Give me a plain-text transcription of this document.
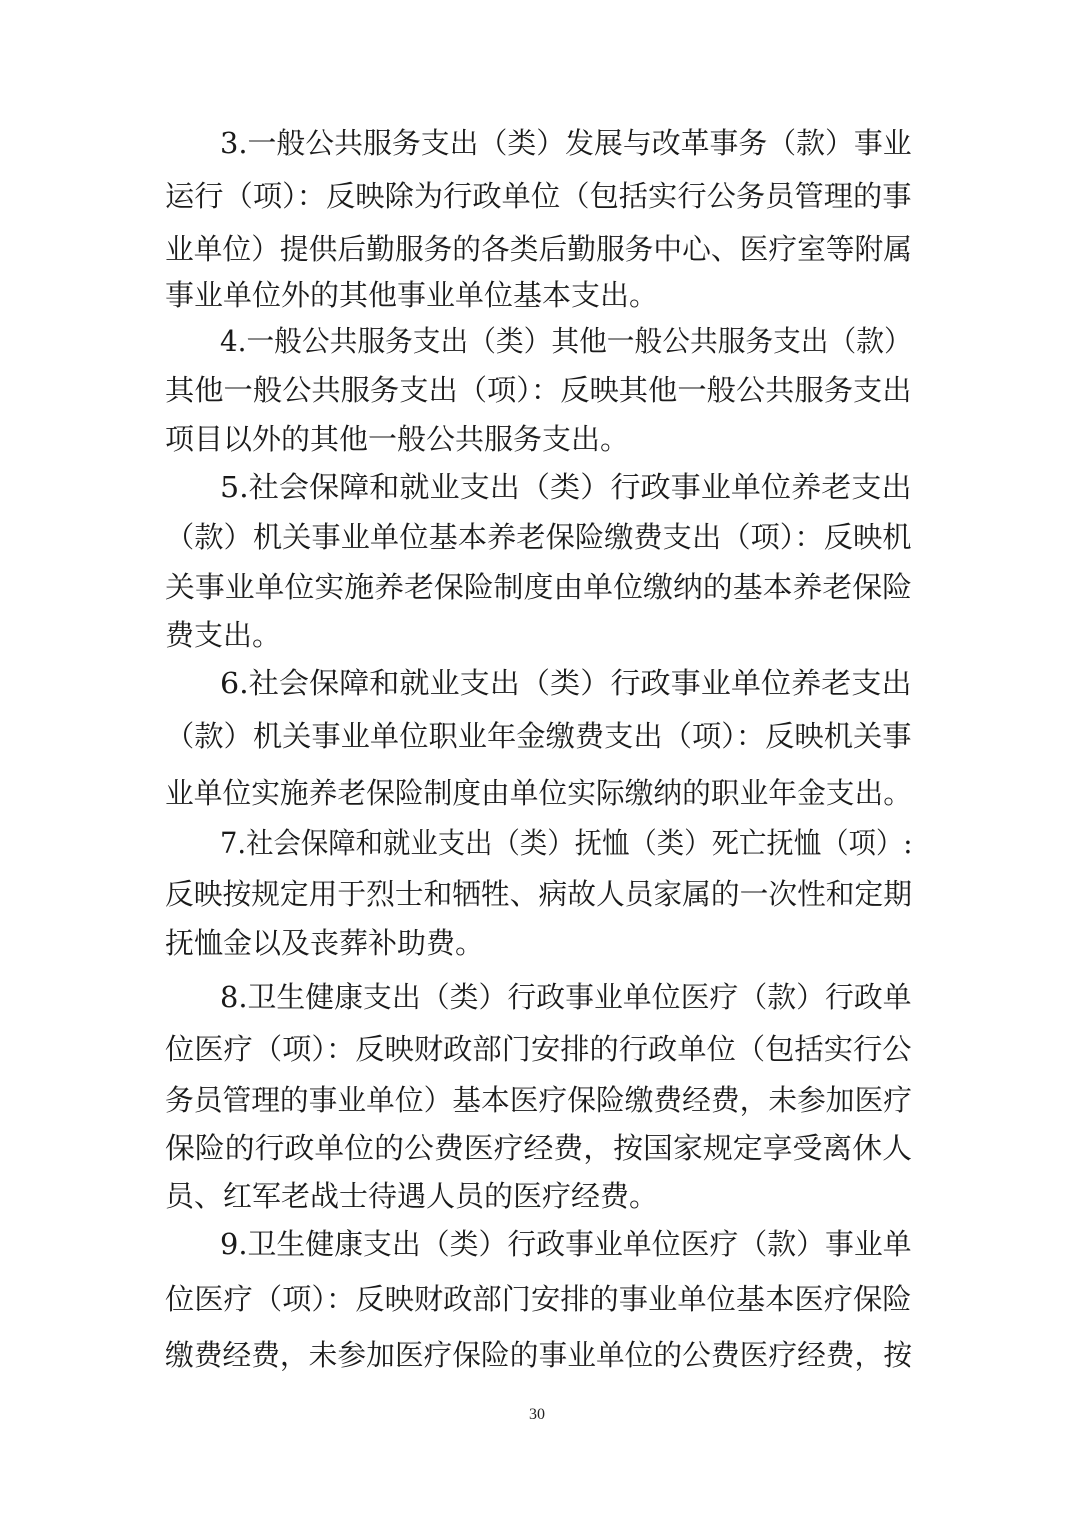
3.一般公共服务支出（类）发展与改革事务（款）事业
运行（项）：反映除为行政单位（包括实行公务员管理的事
业单位）提供后勤服务的各类后勤服务中心、医疗室等附属
事业单位外的其他事业单位基本支出。
4.一般公共服务支出（类）其他一般公共服务支出（款）
其他一般公共服务支出（项）：反映其他一般公共服务支出
项目以外的其他一般公共服务支出。
5.社会保障和就业支出（类）行政事业单位养老支出
（款）机关事业单位基本养老保险缴费支出（项）：反映机
关事业单位实施养老保险制度由单位缴纳的基本养老保险
费支出。
6.社会保障和就业支出（类）行政事业单位养老支出
（款）机关事业单位职业年金缴费支出（项）：反映机关事
业单位实施养老保险制度由单位实际缴纳的职业年金支出。
7.社会保障和就业支出（类）抚恤（类）死亡抚恤（项）:
反映按规定用于烈士和牺牲、病故人员家属的一次性和定期
抚恤金以及丧葬补助费。
8.卫生健康支出（类）行政事业单位医疗（款）行政单
位医疗（项）：反映财政部门安排的行政单位（包括实行公
务员管理的事业单位）基本医疗保险缴费经费，未参加医疗
保险的行政单位的公费医疗经费，按国家规定享受离休人
员、红军老战士待遇人员的医疗经费。
9.卫生健康支出（类）行政事业单位医疗（款）事业单
位医疗（项）：反映财政部门安排的事业单位基本医疗保险
缴费经费，未参加医疗保险的事业单位的公费医疗经费，按
30
